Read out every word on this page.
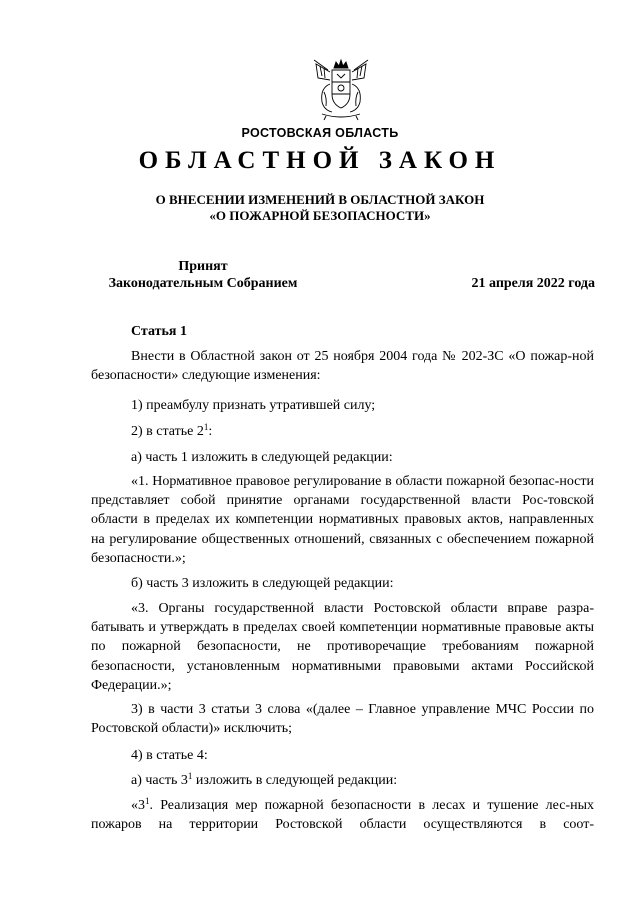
РОСТОВСКАЯ ОБЛАСТЬ
ОБЛАСТНОЙ ЗАКОН
О ВНЕСЕНИИ ИЗМЕНЕНИЙ В ОБЛАСТНОЙ ЗАКОН
«О ПОЖАРНОЙ БЕЗОПАСНОСТИ»
Принят
Законодательным Собранием	21 апреля 2022 года
Статья 1

Внести в Областной закон от 25 ноября 2004 года № 202-ЗС «О пожар-ной безопасности» следующие изменения:

1) преамбулу признать утратившей силу;

2) в статье $2^1$:

а) часть 1 изложить в следующей редакции:

«1. Нормативное правовое регулирование в области пожарной безопас-ности представляет собой принятие органами государственной власти Рос-товской области в пределах их компетенции нормативных правовых актов, направленных на регулирование общественных отношений, связанных с обеспечением пожарной безопасности.»;

б) часть 3 изложить в следующей редакции:

«3. Органы государственной власти Ростовской области вправе разра-батывать и утверждать в пределах своей компетенции нормативные правовые акты по пожарной безопасности, не противоречащие требованиям пожарной безопасности, установленным нормативными правовыми актами Российской Федерации.»;

3) в части 3 статьи 3 слова «(далее – Главное управление МЧС России по Ростовской области)» исключить;

4) в статье 4:

а) часть $3^1$ изложить в следующей редакции:

«$3^1$. Реализация мер пожарной безопасности в лесах и тушение лес-ных пожаров на территории Ростовской области осуществляются в соот-
